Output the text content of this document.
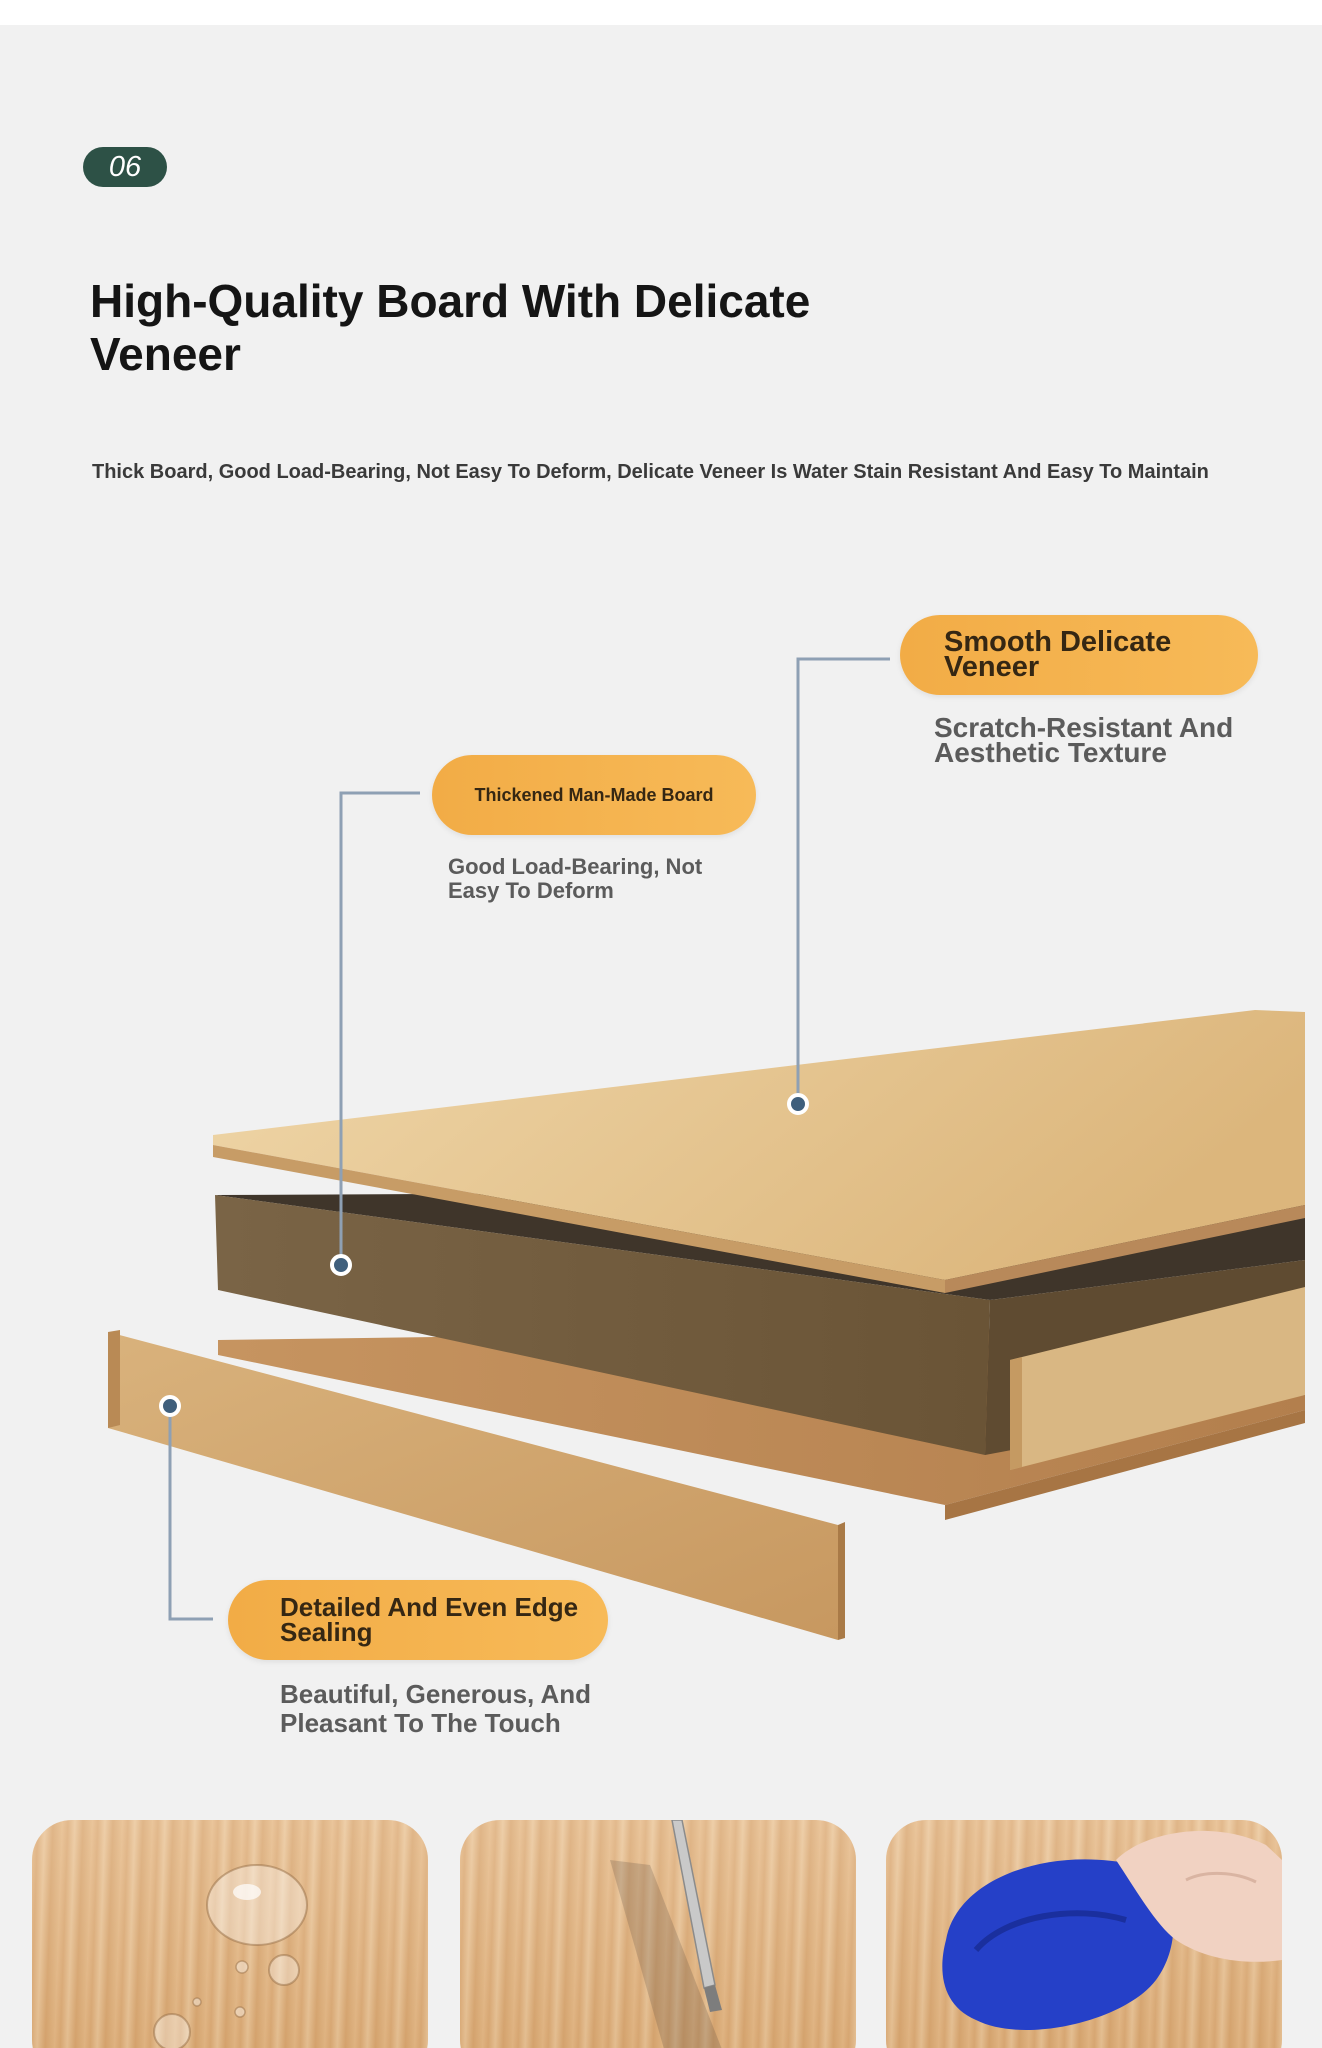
06
High-Quality Board With Delicate Veneer

Thick Board, Good Load-Bearing, Not Easy To Deform, Delicate Veneer Is Water Stain Resistant And Easy To Maintain

Smooth Delicate Veneer

Scratch-Resistant And Aesthetic Texture

Thickened Man-Made Board

Good Load-Bearing, Not Easy To Deform

Detailed And Even Edge Sealing

Beautiful, Generous, And Pleasant To The Touch
